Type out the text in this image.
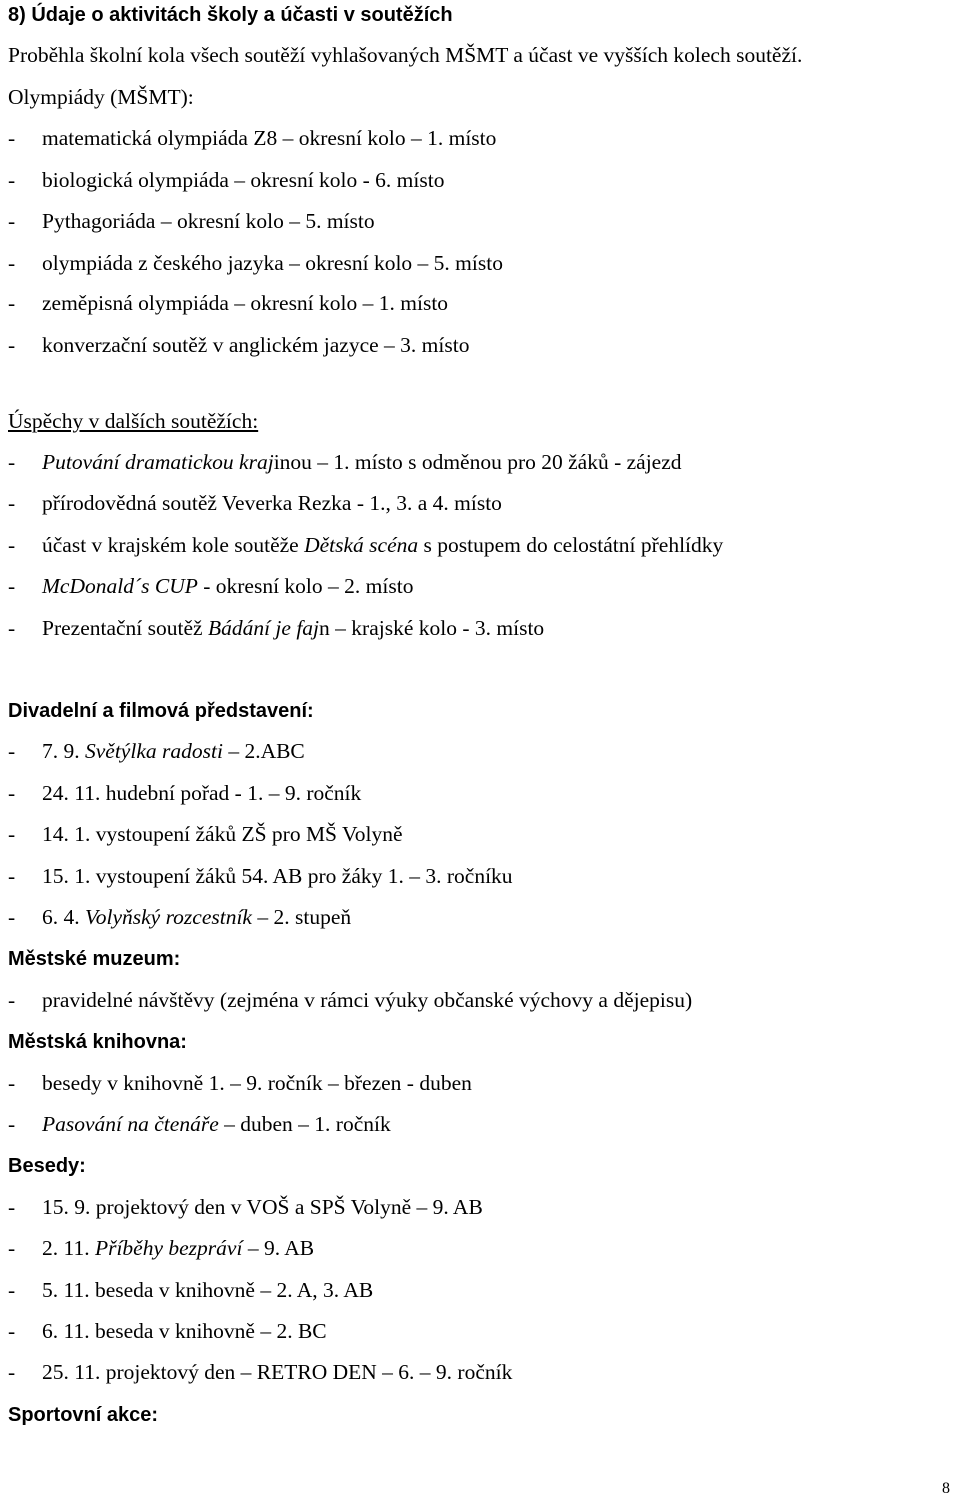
8) Údaje o aktivitách školy a účasti v soutěžích
Proběhla školní kola všech soutěží vyhlašovaných MŠMT a účast ve vyšších kolech soutěží.
Olympiády (MŠMT):
- matematická olympiáda Z8 – okresní kolo – 1. místo
- biologická olympiáda – okresní kolo - 6. místo
- Pythagoriáda – okresní kolo – 5. místo
- olympiáda z českého jazyka – okresní kolo – 5. místo
- zeměpisná olympiáda – okresní kolo – 1. místo
- konverzační soutěž v anglickém jazyce – 3. místo
Úspěchy v dalších soutěžích:
- Putování dramatickou krajinou – 1. místo s odměnou pro 20 žáků - zájezd
- přírodovědná soutěž Veverka Rezka - 1., 3. a 4. místo
- účast v krajském kole soutěže Dětská scéna s postupem do celostátní přehlídky
- McDonald´s CUP - okresní kolo – 2. místo
- Prezentační soutěž Bádání je fajn – krajské kolo - 3. místo
Divadelní a filmová představení:
- 7. 9. Světýlka radosti – 2.ABC
- 24. 11. hudební pořad - 1. – 9. ročník
- 14. 1. vystoupení žáků ZŠ pro MŠ Volyně
- 15. 1. vystoupení žáků 54. AB pro žáky 1. – 3. ročníku
- 6. 4. Volyňský rozcestník – 2. stupeň
Městské muzeum:
- pravidelné návštěvy (zejména v rámci výuky občanské výchovy a dějepisu)
Městská knihovna:
- besedy v knihovně 1. – 9. ročník – březen - duben
- Pasování na čtenáře – duben – 1. ročník
Besedy:
- 15. 9. projektový den v VOŠ a SPŠ Volyně – 9. AB
- 2. 11. Příběhy bezpráví – 9. AB
- 5. 11. beseda v knihovně – 2. A, 3. AB
- 6. 11. beseda v knihovně – 2. BC
- 25. 11. projektový den – RETRO DEN – 6. – 9. ročník
Sportovní akce:
8
